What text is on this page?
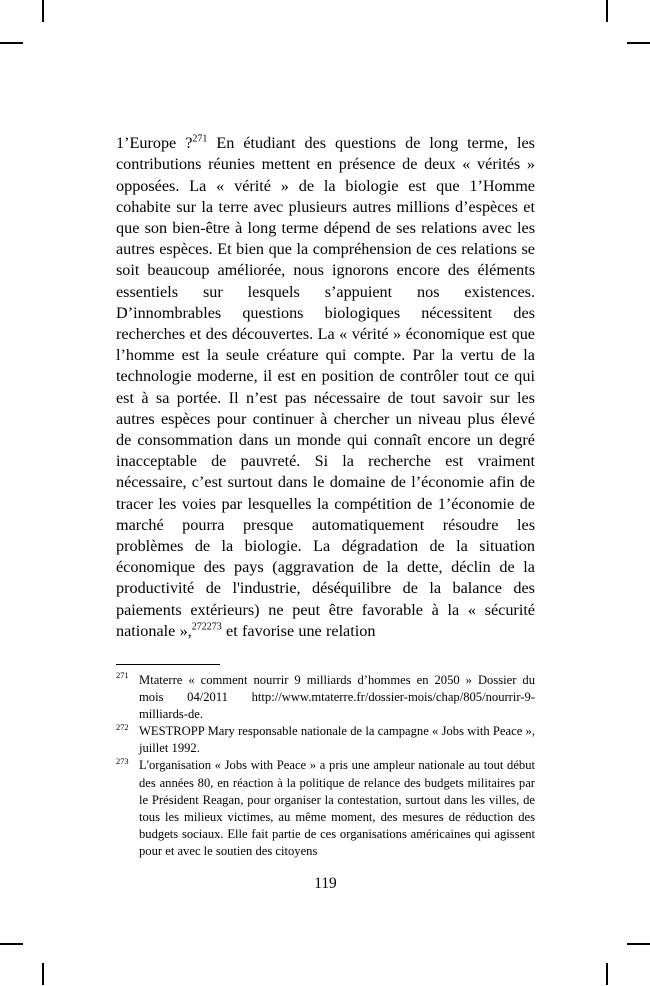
1’Europe ?$^{271}$ En étudiant des questions de long terme, les contributions réunies mettent en présence de deux « vérités » opposées. La « vérité » de la biologie est que 1’Homme cohabite sur la terre avec plusieurs autres millions d’espèces et que son bien-être à long terme dépend de ses relations avec les autres espèces. Et bien que la compréhension de ces relations se soit beaucoup améliorée, nous ignorons encore des éléments essentiels sur lesquels s’appuient nos existences. D’innombrables questions biologiques nécessitent des recherches et des découvertes. La « vérité » économique est que l’homme est la seule créature qui compte. Par la vertu de la technologie moderne, il est en position de contrôler tout ce qui est à sa portée. Il n’est pas nécessaire de tout savoir sur les autres espèces pour continuer à chercher un niveau plus élevé de consommation dans un monde qui connaît encore un degré inacceptable de pauvreté. Si la recherche est vraiment nécessaire, c’est surtout dans le domaine de l’économie afin de tracer les voies par lesquelles la compétition de 1’économie de marché pourra presque automatiquement résoudre les problèmes de la biologie. La dégradation de la situation économique des pays (aggravation de la dette, déclin de la productivité de l'industrie, déséquilibre de la balance des paiements extérieurs) ne peut être favorable à la « sécurité nationale »,$^{272273}$ et favorise une relation

271 Mtaterre « comment nourrir 9 milliards d’hommes en 2050 » Dossier du mois  04/2011  http://www.mtaterre.fr/dossier-mois/chap/805/nourrir-9-milliards-de.
272 WESTROPP Mary responsable nationale de la campagne « Jobs with Peace », juillet 1992.
273 L'organisation « Jobs with Peace » a pris une ampleur nationale au tout début des années 80, en réaction à la politique de relance des budgets militaires par le Président Reagan, pour organiser la contestation, surtout dans les villes, de tous les milieux victimes, au même moment, des mesures de réduction des budgets sociaux. Elle fait partie de ces organisations américaines qui agissent pour et avec le soutien des citoyens
119
